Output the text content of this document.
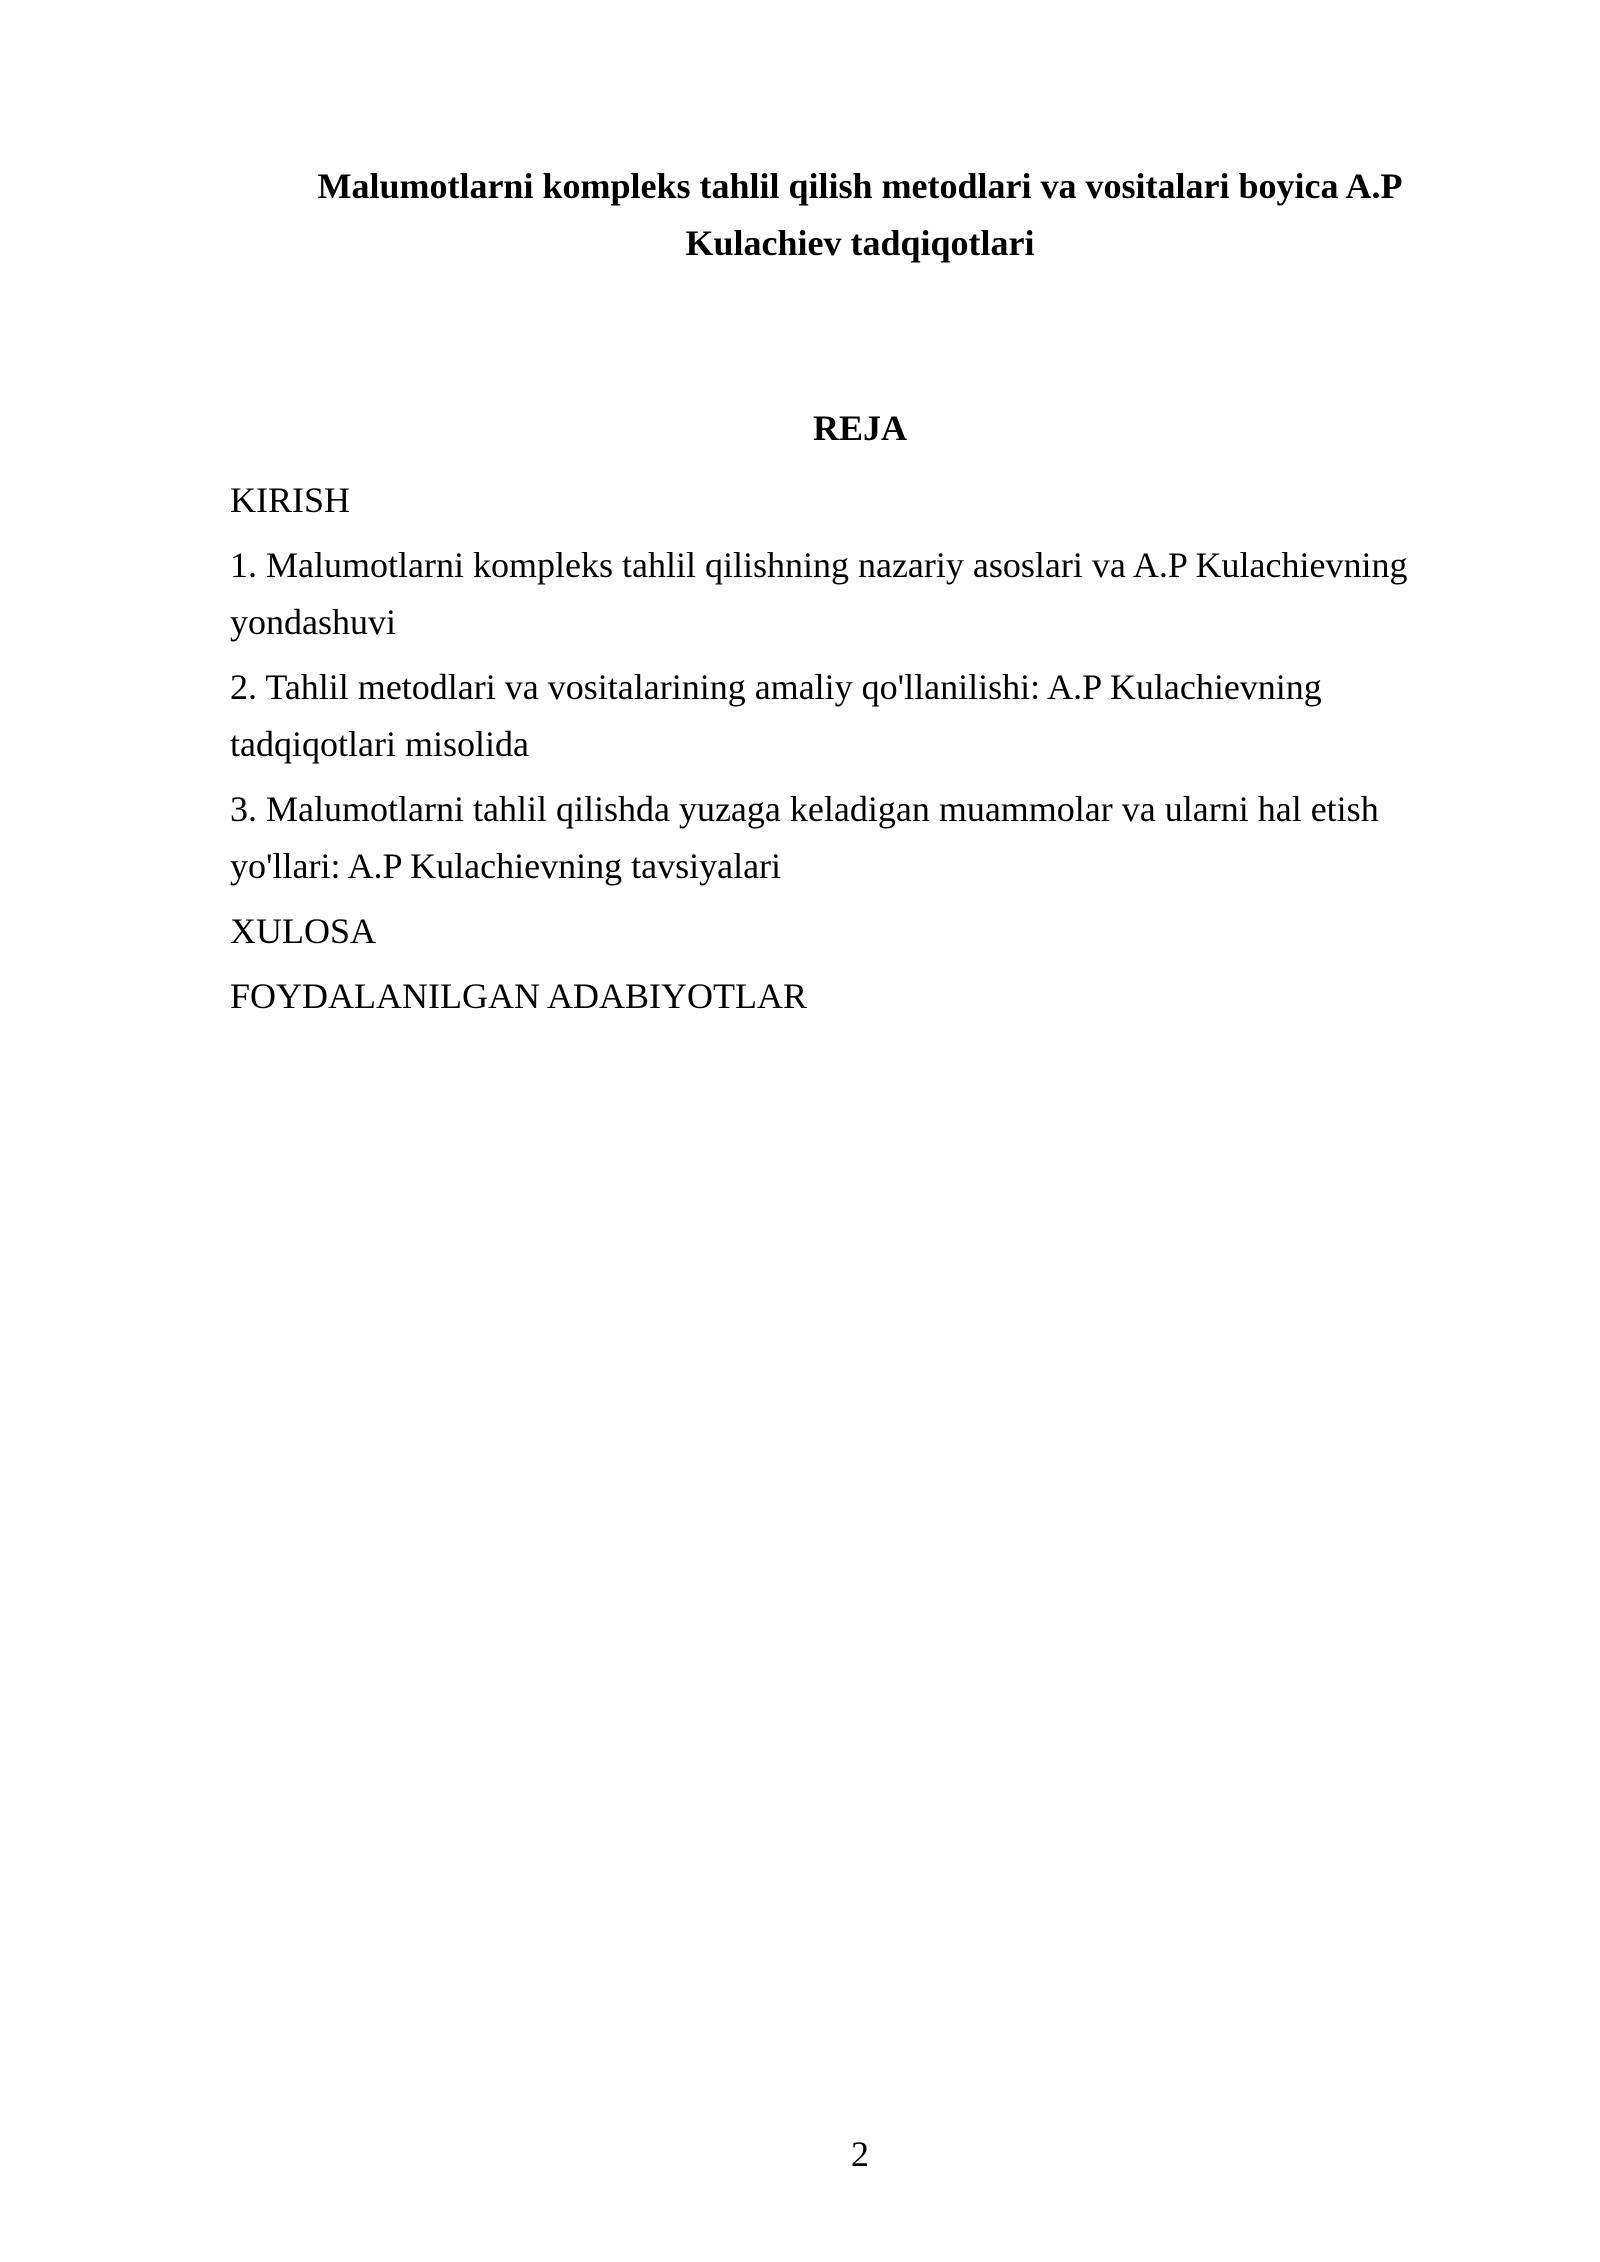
Malumotlarni kompleks tahlil qilish metodlari va vositalari boyica A.P
Kulachiev tadqiqotlari
REJA
KIRISH
1. Malumotlarni kompleks tahlil qilishning nazariy asoslari va A.P Kulachievning yondashuvi
2. Tahlil metodlari va vositalarining amaliy qo'llanilishi: A.P Kulachievning tadqiqotlari misolida
3. Malumotlarni tahlil qilishda yuzaga keladigan muammolar va ularni hal etish yo'llari: A.P Kulachievning tavsiyalari
XULOSA
FOYDALANILGAN ADABIYOTLAR

2
